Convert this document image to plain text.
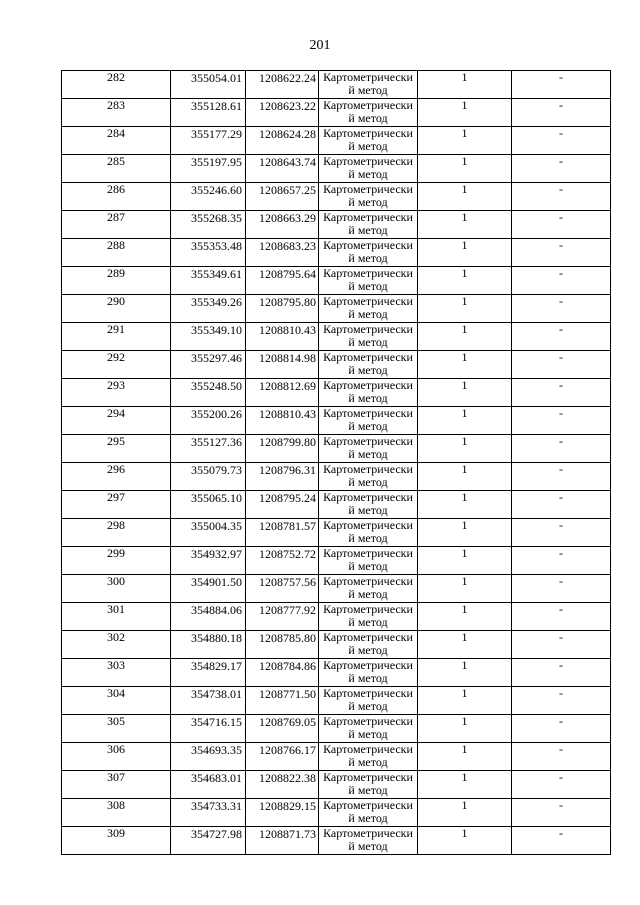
201
282	355054.01	1208622.24	Картометрически
й метод	1	-
283	355128.61	1208623.22	Картометрически
й метод	1	-
284	355177.29	1208624.28	Картометрически
й метод	1	-
285	355197.95	1208643.74	Картометрически
й метод	1	-
286	355246.60	1208657.25	Картометрически
й метод	1	-
287	355268.35	1208663.29	Картометрически
й метод	1	-
288	355353.48	1208683.23	Картометрически
й метод	1	-
289	355349.61	1208795.64	Картометрически
й метод	1	-
290	355349.26	1208795.80	Картометрически
й метод	1	-
291	355349.10	1208810.43	Картометрически
й метод	1	-
292	355297.46	1208814.98	Картометрически
й метод	1	-
293	355248.50	1208812.69	Картометрически
й метод	1	-
294	355200.26	1208810.43	Картометрически
й метод	1	-
295	355127.36	1208799.80	Картометрически
й метод	1	-
296	355079.73	1208796.31	Картометрически
й метод	1	-
297	355065.10	1208795.24	Картометрически
й метод	1	-
298	355004.35	1208781.57	Картометрически
й метод	1	-
299	354932.97	1208752.72	Картометрически
й метод	1	-
300	354901.50	1208757.56	Картометрически
й метод	1	-
301	354884.06	1208777.92	Картометрически
й метод	1	-
302	354880.18	1208785.80	Картометрически
й метод	1	-
303	354829.17	1208784.86	Картометрически
й метод	1	-
304	354738.01	1208771.50	Картометрически
й метод	1	-
305	354716.15	1208769.05	Картометрически
й метод	1	-
306	354693.35	1208766.17	Картометрически
й метод	1	-
307	354683.01	1208822.38	Картометрически
й метод	1	-
308	354733.31	1208829.15	Картометрически
й метод	1	-
309	354727.98	1208871.73	Картометрически
й метод	1	-
